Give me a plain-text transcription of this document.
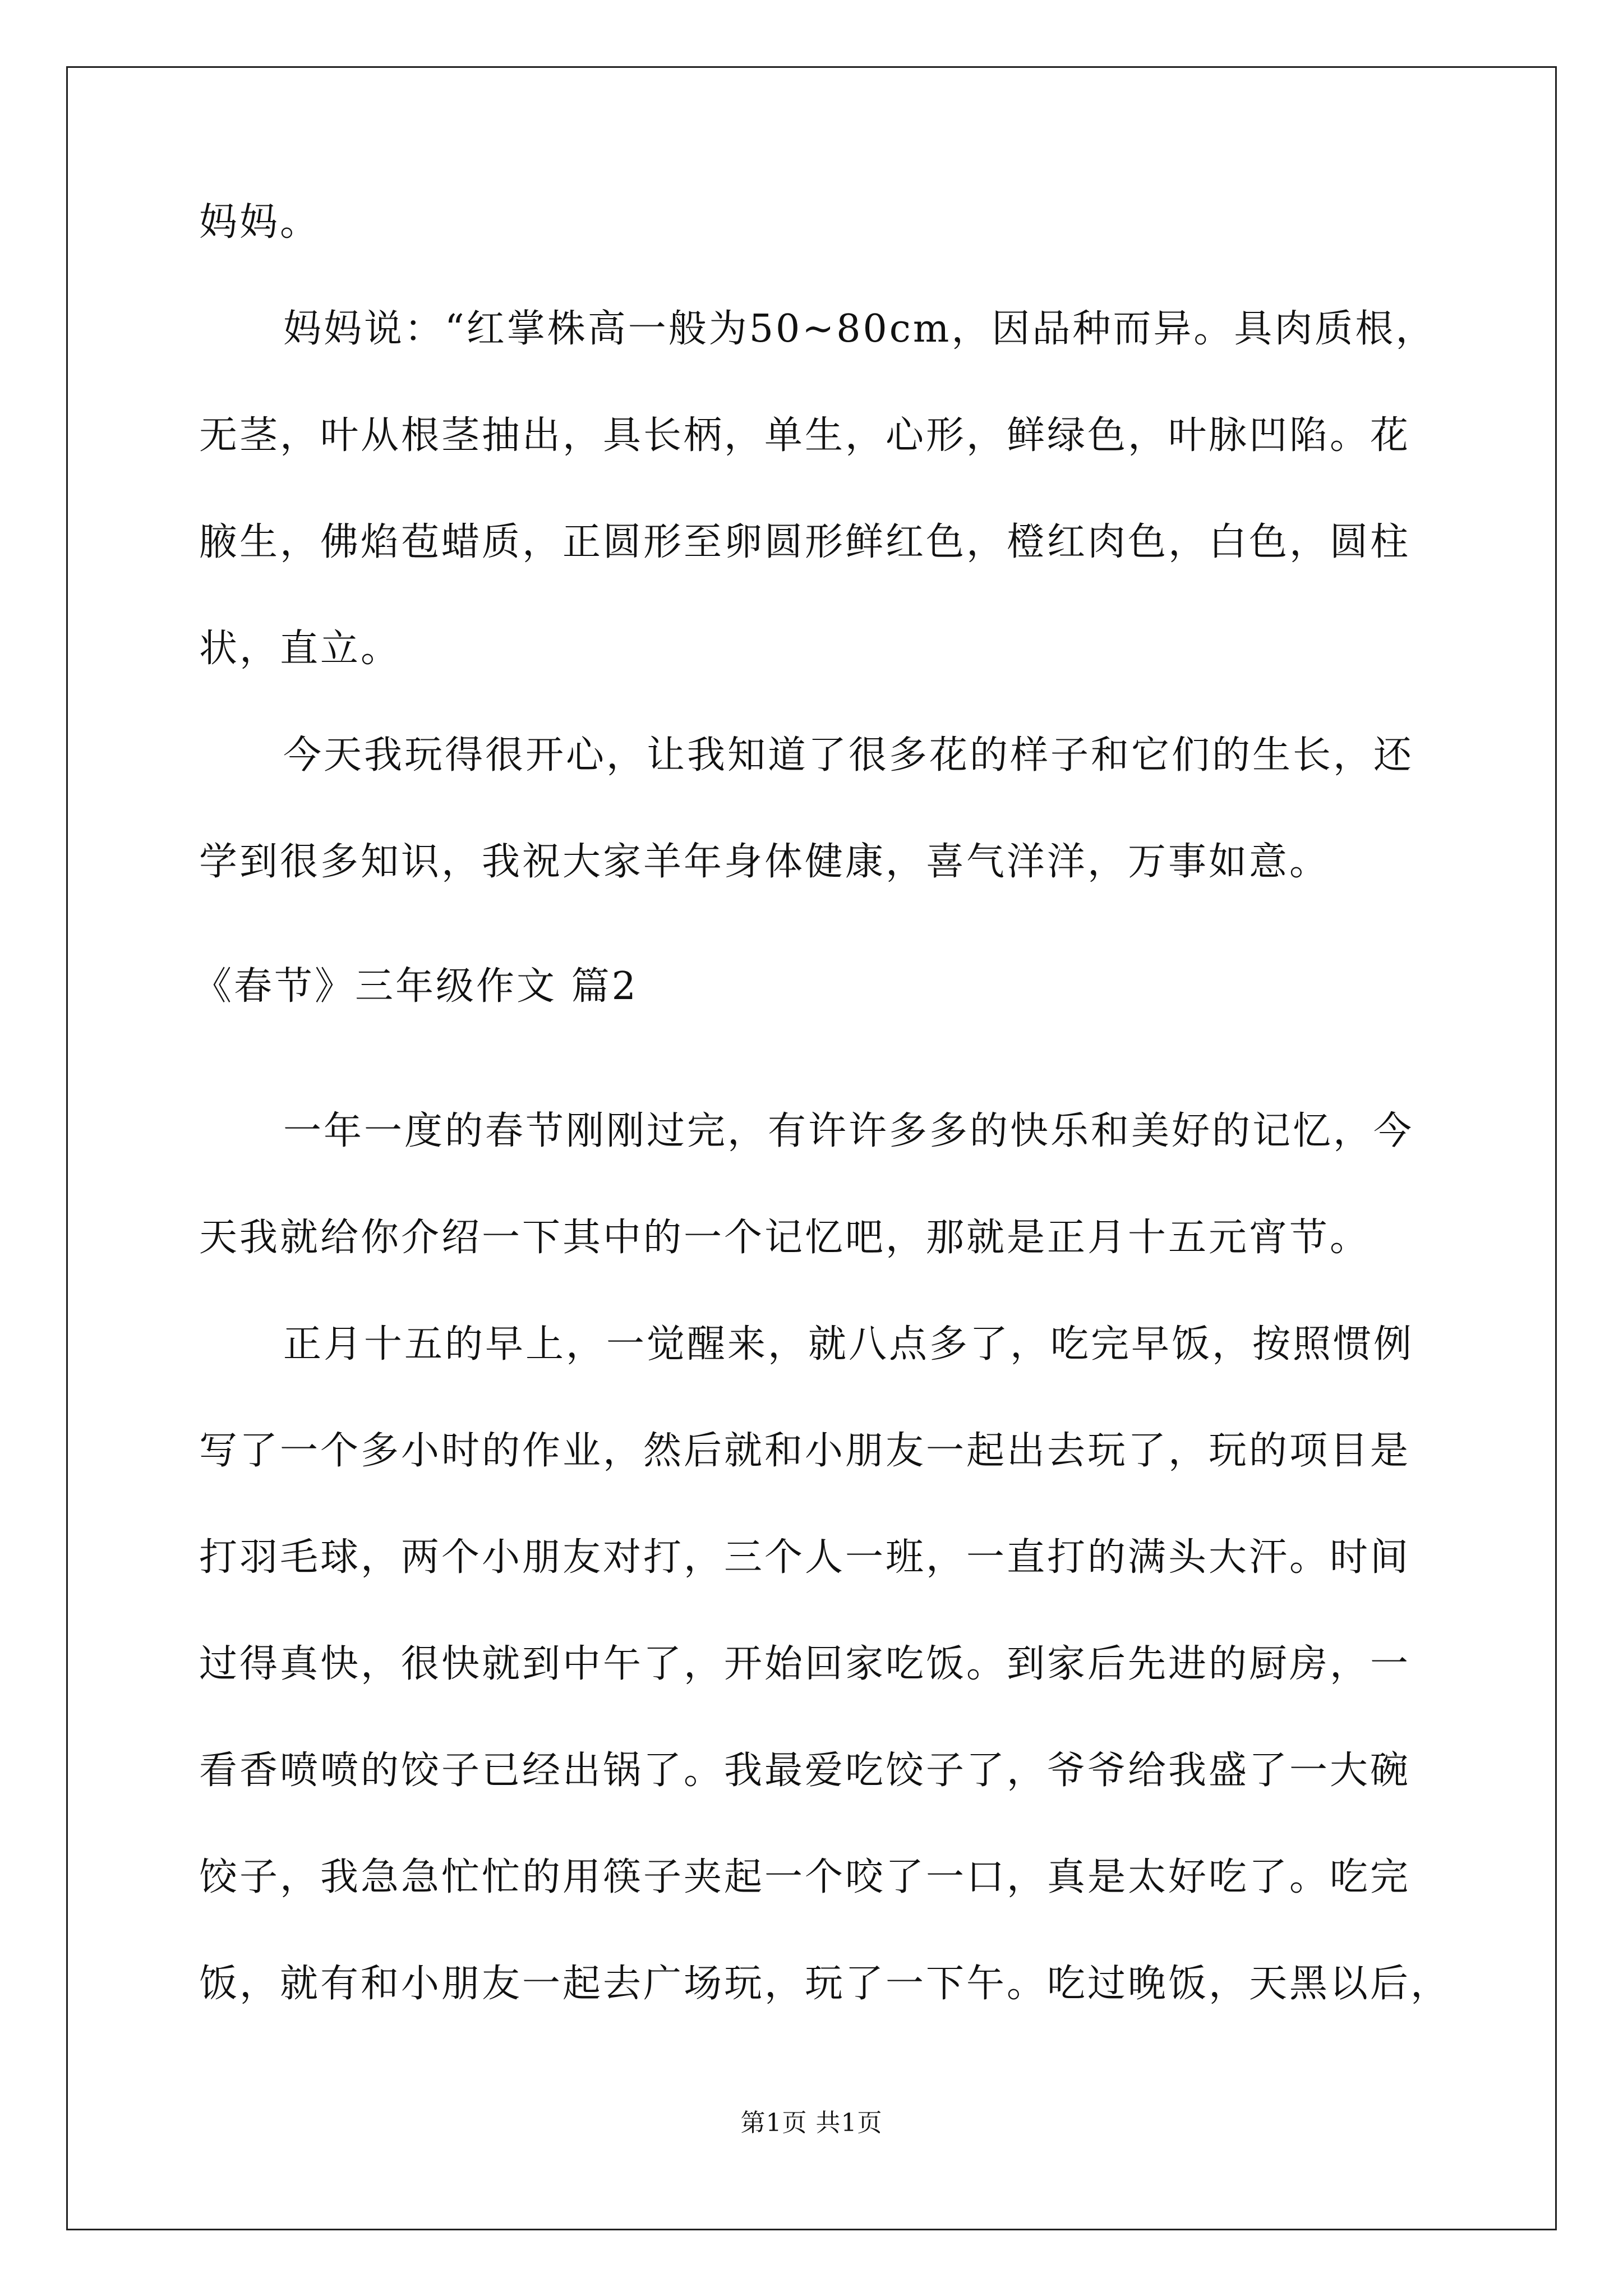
妈妈。

妈妈说：“红掌株高一般为50~80cm，因品种而异。具肉质根，

无茎，叶从根茎抽出，具长柄，单生，心形，鲜绿色，叶脉凹陷。花

腋生，佛焰苞蜡质，正圆形至卵圆形鲜红色，橙红肉色，白色，圆柱

状，直立。

今天我玩得很开心，让我知道了很多花的样子和它们的生长，还

学到很多知识，我祝大家羊年身体健康，喜气洋洋，万事如意。

《春节》三年级作文 篇2

一年一度的春节刚刚过完，有许许多多的快乐和美好的记忆，今

天我就给你介绍一下其中的一个记忆吧，那就是正月十五元宵节。

正月十五的早上，一觉醒来，就八点多了，吃完早饭，按照惯例

写了一个多小时的作业，然后就和小朋友一起出去玩了，玩的项目是

打羽毛球，两个小朋友对打，三个人一班，一直打的满头大汗。时间

过得真快，很快就到中午了，开始回家吃饭。到家后先进的厨房，一

看香喷喷的饺子已经出锅了。我最爱吃饺子了，爷爷给我盛了一大碗

饺子，我急急忙忙的用筷子夹起一个咬了一口，真是太好吃了。吃完

饭，就有和小朋友一起去广场玩，玩了一下午。吃过晚饭，天黑以后，

第1页 共1页
